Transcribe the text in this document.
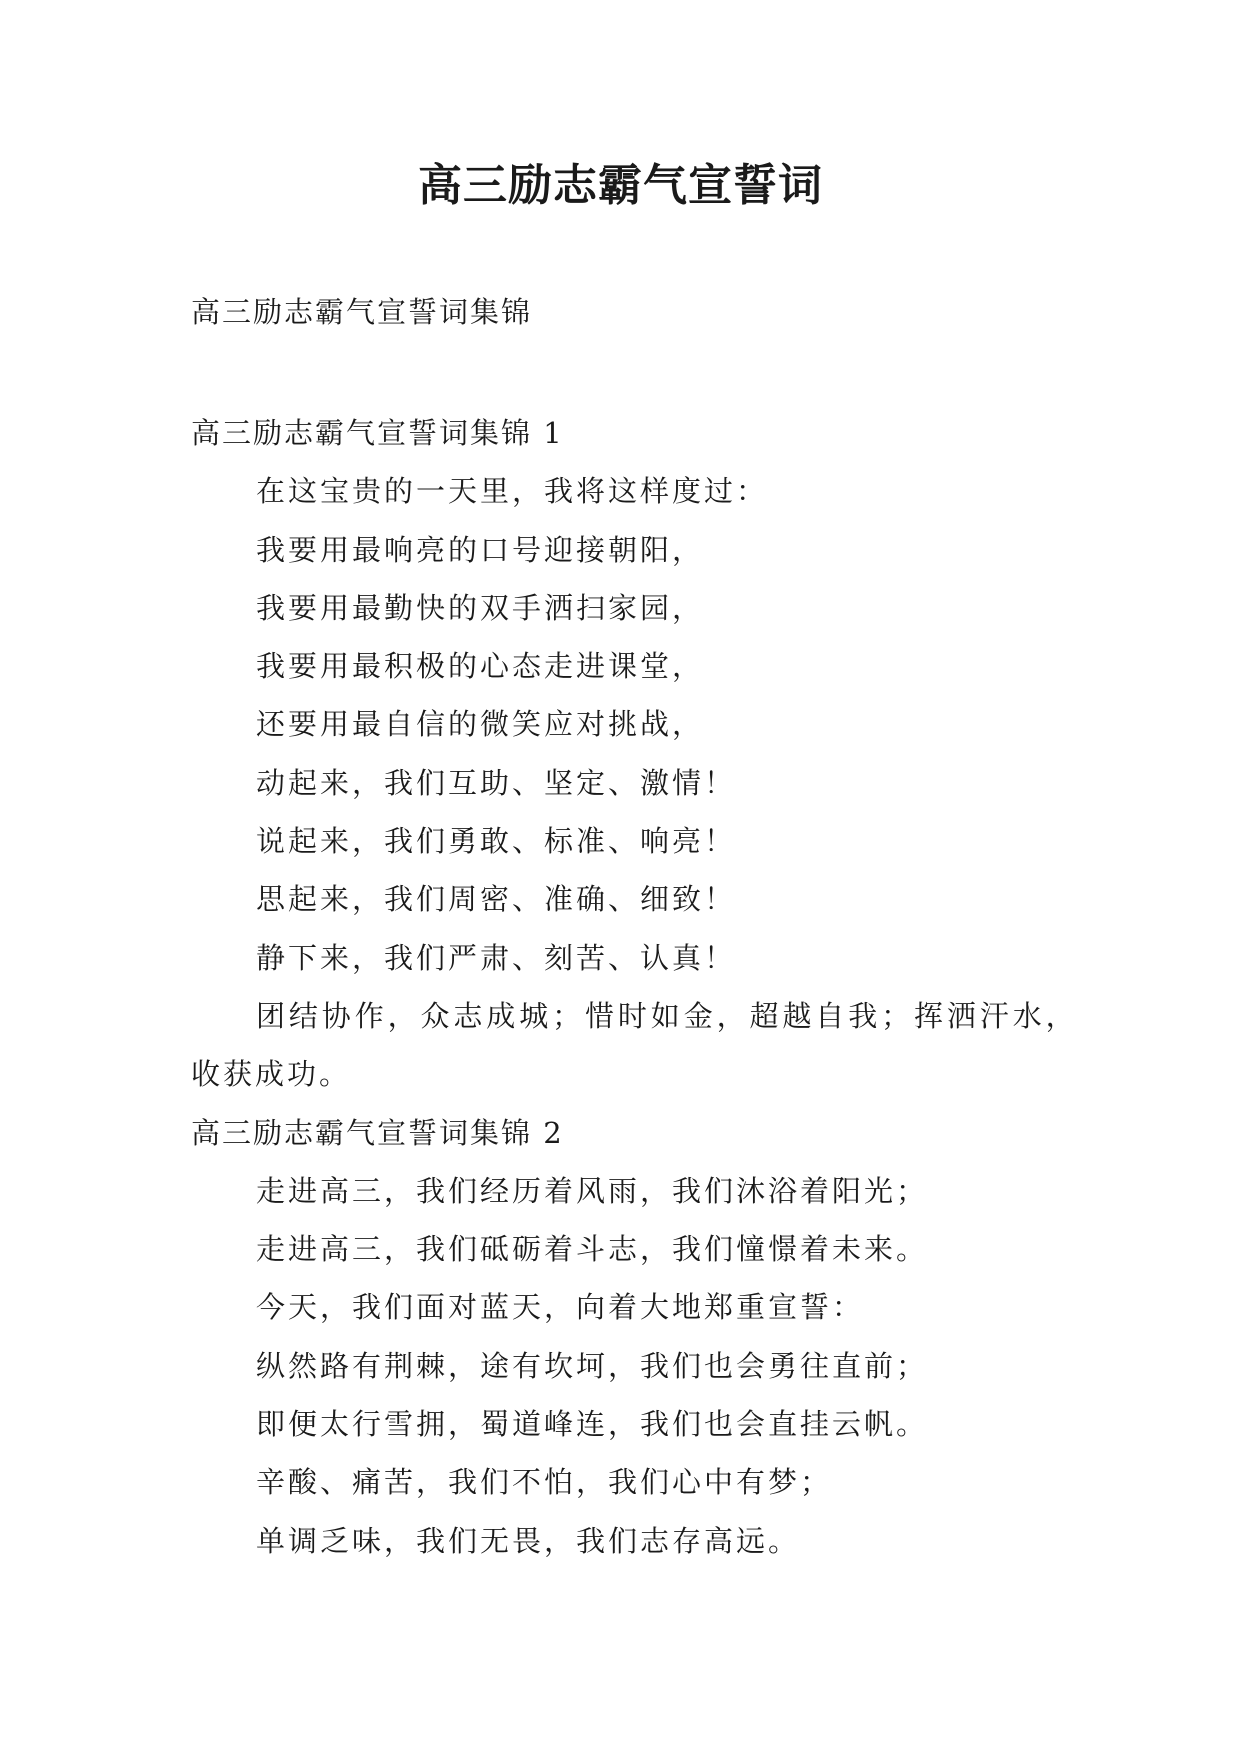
高三励志霸气宣誓词
高三励志霸气宣誓词集锦
高三励志霸气宣誓词集锦 1
在这宝贵的一天里，我将这样度过：
我要用最响亮的口号迎接朝阳，
我要用最勤快的双手洒扫家园，
我要用最积极的心态走进课堂，
还要用最自信的微笑应对挑战，
动起来，我们互助、坚定、激情！
说起来，我们勇敢、标准、响亮！
思起来，我们周密、准确、细致！
静下来，我们严肃、刻苦、认真！
团结协作，众志成城；惜时如金，超越自我；挥洒汗水，
收获成功。
高三励志霸气宣誓词集锦 2
走进高三，我们经历着风雨，我们沐浴着阳光；
走进高三，我们砥砺着斗志，我们憧憬着未来。
今天，我们面对蓝天，向着大地郑重宣誓：
纵然路有荆棘，途有坎坷，我们也会勇往直前；
即便太行雪拥，蜀道峰连，我们也会直挂云帆。
辛酸、痛苦，我们不怕，我们心中有梦；
单调乏味，我们无畏，我们志存高远。
